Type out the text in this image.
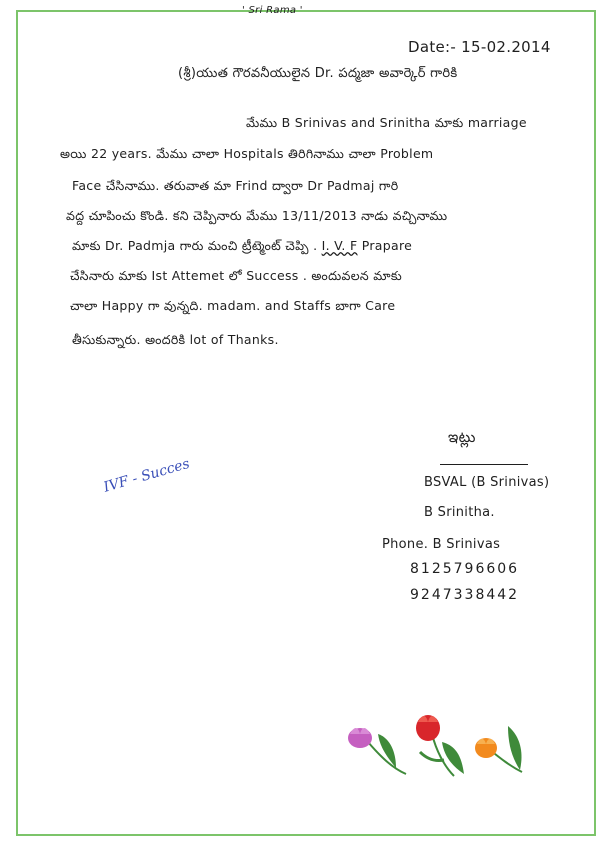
' Sri Rama '
Date:- 15-02.2014
(శ్రీ)యుత గౌరవనీయులైన Dr. పద్మజా అవార్కెర్ గారికి
మేము B Srinivas and Srinitha మాకు marriage
అయి 22 years. మేము చాలా Hospitals తిరిగినాము చాలా Problem
Face చేసినాము. తరువాత మా Frind ద్వారా Dr Padmaj గారి
వద్ద చూపించు కొండి. కని చెప్పినారు మేము 13/11/2013 నాడు వచ్చినాము
మాకు Dr. Padmja గారు మంచి ట్రీట్మెంట్ చెప్పి . I. V. F Prapare
చేసినారు మాకు Ist Attemet లో Success . అందువలన మాకు
చాలా Happy గా వున్నది. madam. and Staffs బాగా Care
తీసుకున్నారు. అందరికి lot of Thanks.
IVF - Succes
ఇట్లు
BSVAL (B Srinivas)
B Srinitha.
Phone. B Srinivas
8125796606
9247338442
